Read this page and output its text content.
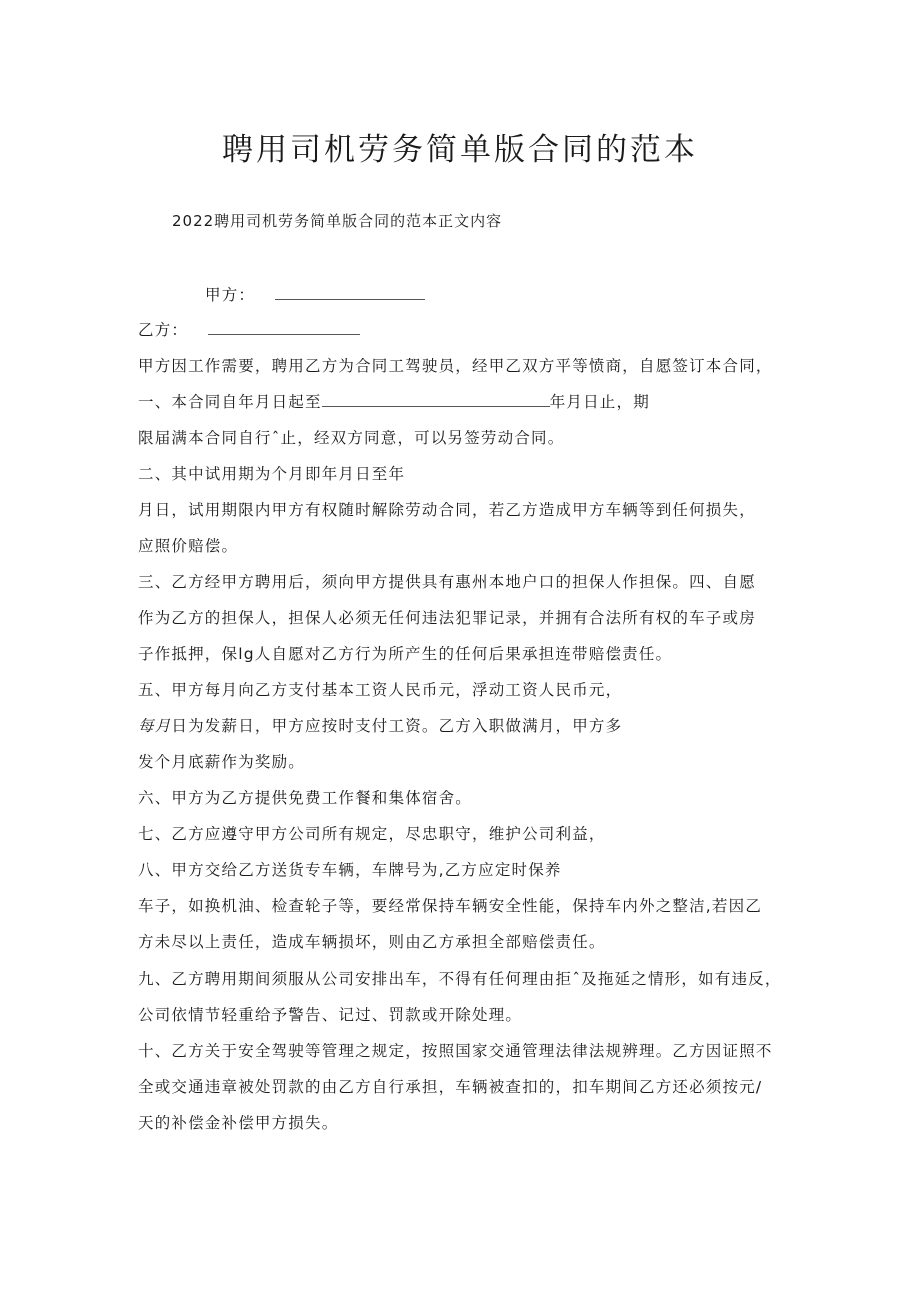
聘用司机劳务简单版合同的范本
2022聘用司机劳务简单版合同的范本正文内容
甲方：
乙方：
甲方因工作需要，聘用乙方为合同工驾驶员，经甲乙双方平等愤商，自愿签订本合同，
一、本合同自年月日起至	年月日止，期
限届满本合同自行ˆ止，经双方同意，可以另签劳动合同。
二、其中试用期为个月即年月日至年
月日，试用期限内甲方有权随时解除劳动合同，若乙方造成甲方车辆等到任何损失，
应照价赔偿。
三、乙方经甲方聘用后，须向甲方提供具有惠州本地户口的担保人作担保。四、自愿
作为乙方的担保人，担保人必须无任何违法犯罪记录，并拥有合法所有权的车子或房
子作抵押，保lg人自愿对乙方行为所产生的任何后果承担连带赔偿责任。
五、甲方每月向乙方支付基本工资人民币元，浮动工资人民币元，
每月日为发薪日，甲方应按时支付工资。乙方入职做满月，甲方多
发个月底薪作为奖励。
六、甲方为乙方提供免费工作餐和集体宿舍。
七、乙方应遵守甲方公司所有规定，尽忠职守，维护公司利益，
八、甲方交给乙方送货专车辆，车牌号为,乙方应定时保养
车子，如换机油、检查轮子等，要经常保持车辆安全性能，保持车内外之整洁,若因乙
方未尽以上责任，造成车辆损坏，则由乙方承担全部赔偿责任。
九、乙方聘用期间须服从公司安排出车，不得有任何理由拒ˆ及拖延之情形，如有违反，
公司依情节轻重给予警告、记过、罚款或开除处理。
十、乙方关于安全驾驶等管理之规定，按照国家交通管理法律法规辨理。乙方因证照不
全或交通违章被处罚款的由乙方自行承担，车辆被查扣的，扣车期间乙方还必须按元/
天的补偿金补偿甲方损失。
